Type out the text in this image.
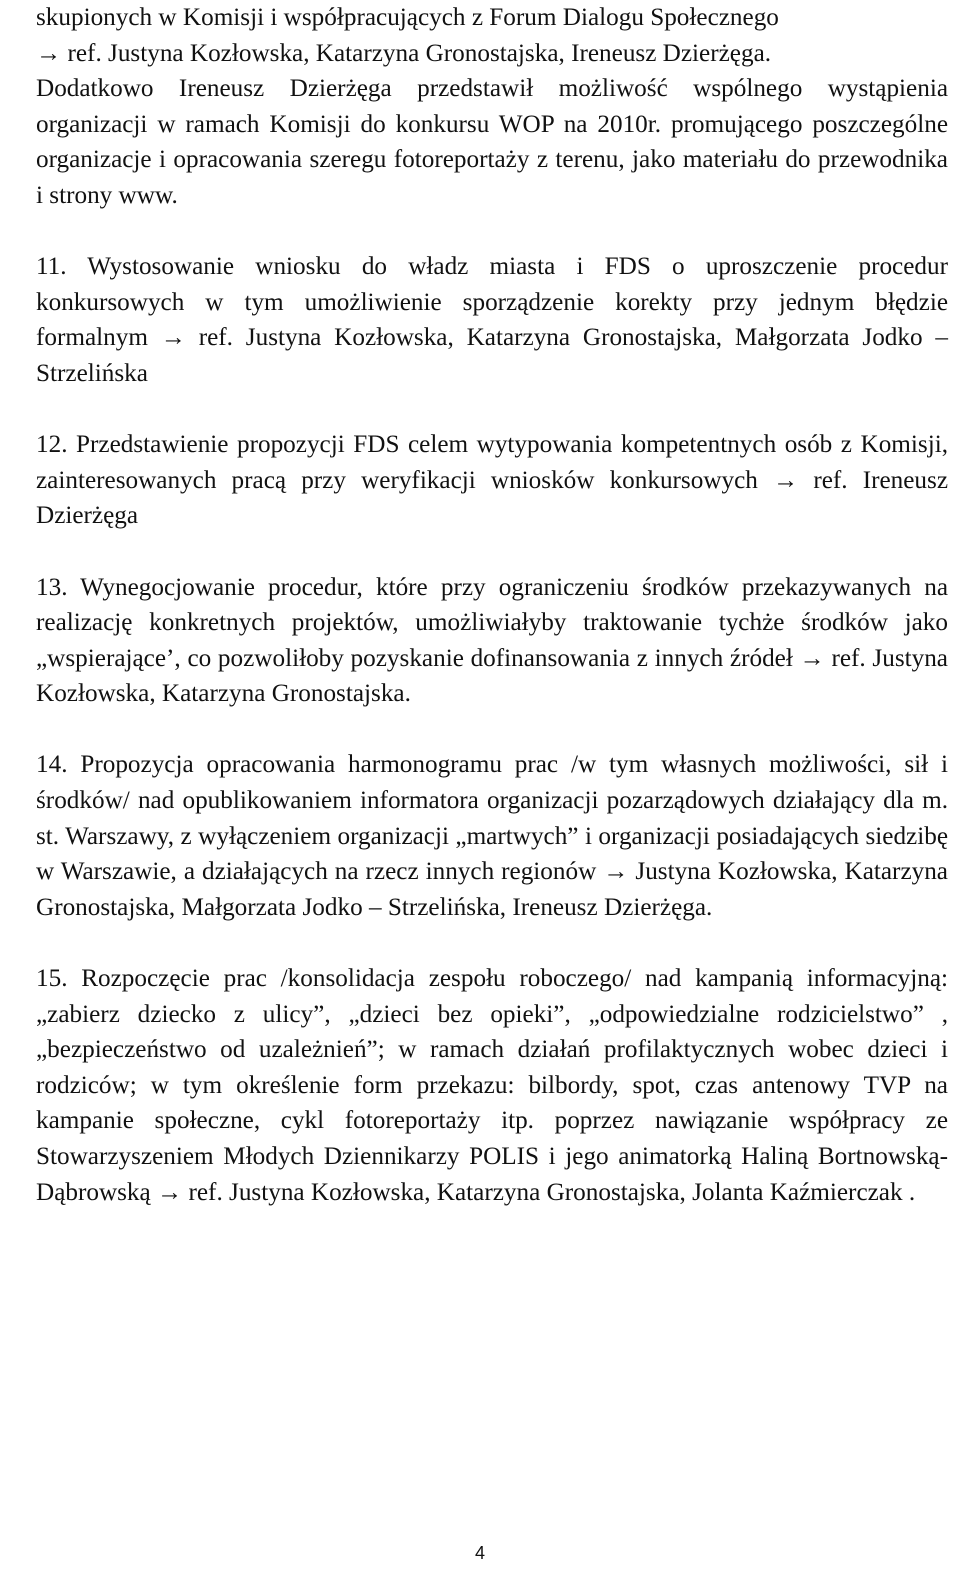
skupionych w Komisji i współpracujących z Forum Dialogu Społecznego

→ ref. Justyna Kozłowska, Katarzyna Gronostajska, Ireneusz Dzierżęga.

Dodatkowo Ireneusz Dzierżęga przedstawił możliwość wspólnego wystąpienia organizacji w ramach Komisji do konkursu WOP na 2010r. promującego poszczególne organizacje i opracowania szeregu fotoreportaży z terenu, jako materiału do przewodnika i strony www.

11. Wystosowanie wniosku do władz miasta i FDS o uproszczenie procedur konkursowych w tym umożliwienie sporządzenie korekty przy jednym błędzie formalnym → ref. Justyna Kozłowska, Katarzyna Gronostajska, Małgorzata Jodko – Strzelińska

12. Przedstawienie propozycji FDS celem wytypowania kompetentnych osób z Komisji, zainteresowanych pracą przy weryfikacji wniosków konkursowych → ref. Ireneusz Dzierżęga

13. Wynegocjowanie procedur, które przy ograniczeniu środków przekazywanych na realizację konkretnych projektów, umożliwiałyby traktowanie tychże środków jako „wspierające’, co pozwoliłoby pozyskanie dofinansowania z innych źródeł → ref. Justyna Kozłowska, Katarzyna Gronostajska.

14. Propozycja opracowania harmonogramu prac /w tym własnych możliwości, sił i środków/ nad opublikowaniem informatora organizacji pozarządowych działający dla m. st. Warszawy, z wyłączeniem organizacji „martwych” i organizacji posiadających siedzibę w Warszawie, a działających na rzecz innych regionów → Justyna Kozłowska, Katarzyna Gronostajska, Małgorzata Jodko – Strzelińska, Ireneusz Dzierżęga.

15. Rozpoczęcie prac /konsolidacja zespołu roboczego/ nad kampanią informacyjną: „zabierz dziecko z ulicy”, „dzieci bez opieki”, „odpowiedzialne rodzicielstwo” , „bezpieczeństwo od uzależnień”; w ramach działań profilaktycznych wobec dzieci i rodziców; w tym określenie form przekazu: bilbordy, spot, czas antenowy TVP na kampanie społeczne, cykl fotoreportaży itp. poprzez nawiązanie współpracy ze Stowarzyszeniem Młodych Dziennikarzy POLIS i jego animatorką Haliną Bortnowską-Dąbrowską → ref. Justyna Kozłowska, Katarzyna Gronostajska, Jolanta Kaźmierczak .

4
